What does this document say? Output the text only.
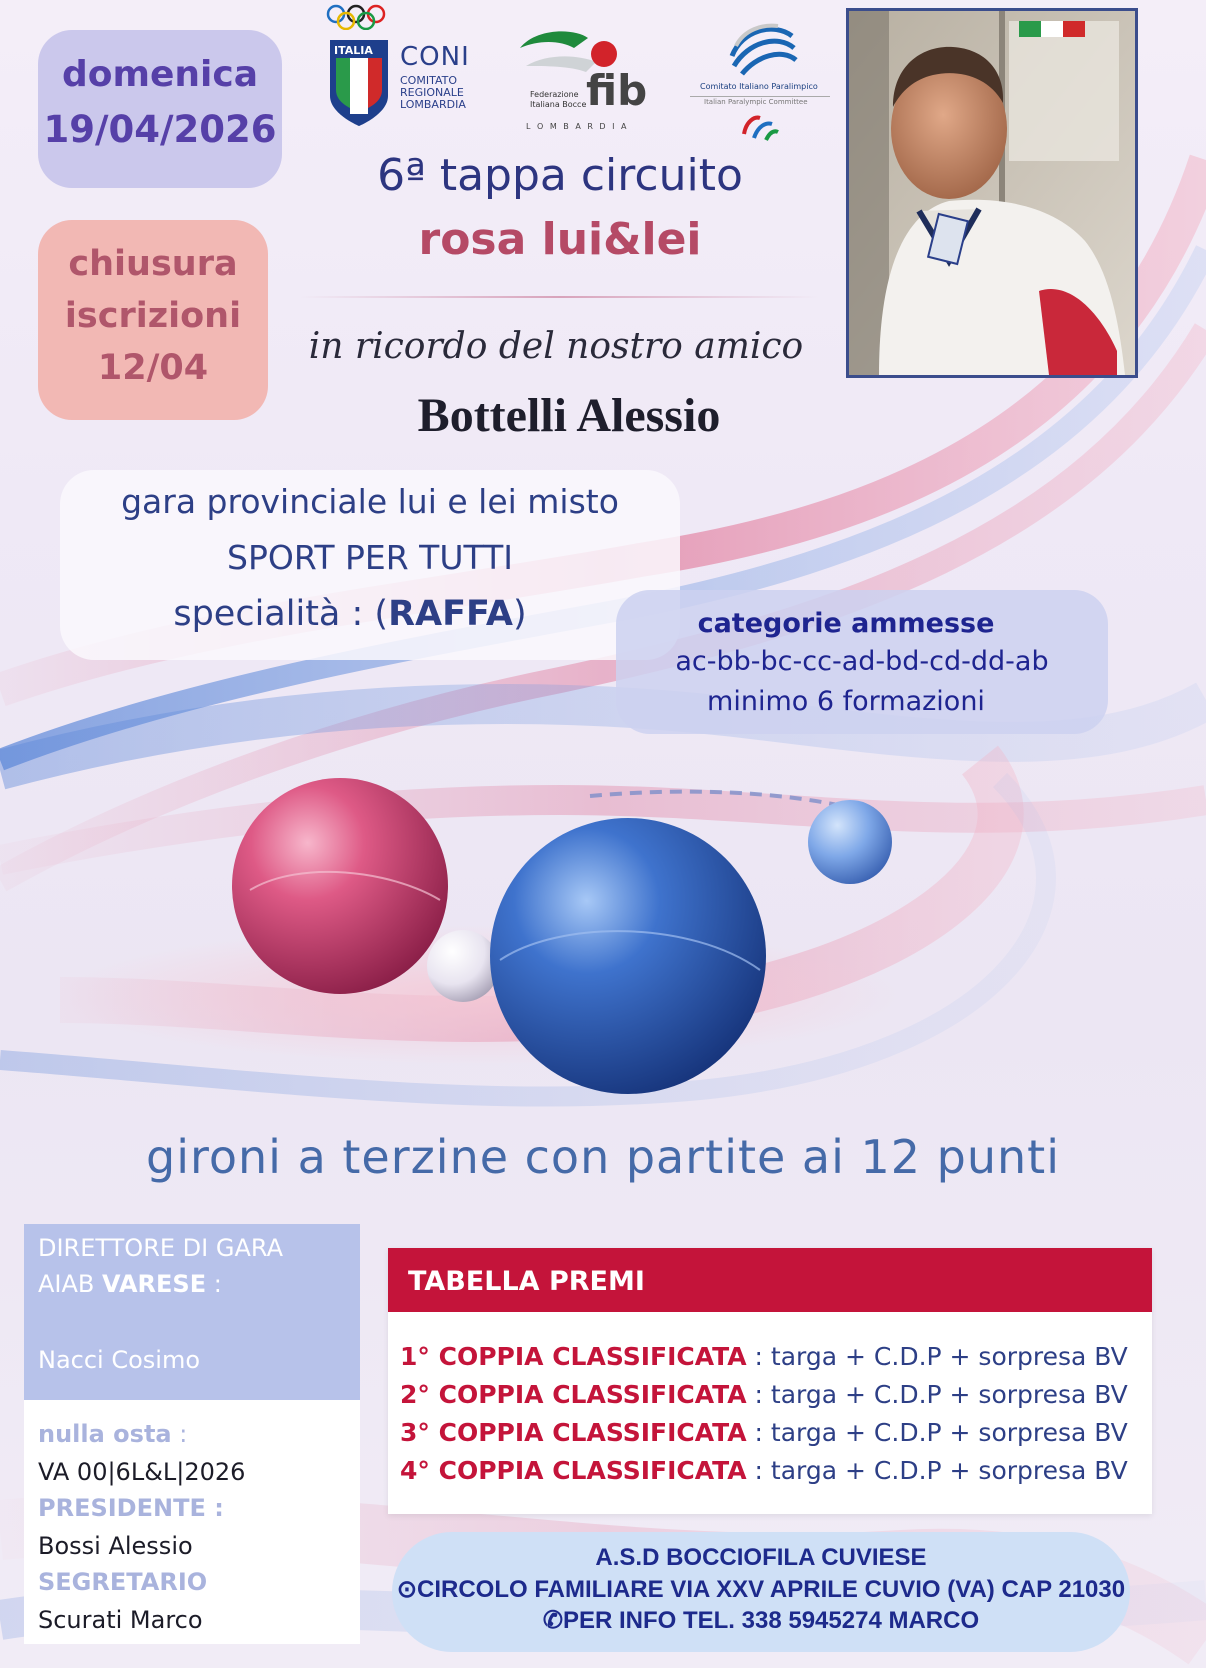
domenica
19/04/2026
chiusura
iscrizioni
12/04
ITALIA CONI
COMITATO
REGIONALE
LOMBARDIA
Federazione
Italiana Bocce fib
L O M B A R D I A
Comitato Italiano Paralimpico
Italian Paralympic Committee
6ª tappa circuito
rosa lui&lei
in ricordo del nostro amico
Bottelli Alessio
gara provinciale lui e lei misto
SPORT PER TUTTI
specialità : (RAFFA)	categorie ammesse
ac-bb-bc-cc-ad-bd-cd-dd-ab
minimo 6 formazioni
gironi a terzine con partite ai 12 punti
DIRETTORE DI GARA
AIAB VARESE :
Nacci Cosimo
nulla osta :
VA 00|6L&L|2026
PRESIDENTE :
Bossi Alessio
SEGRETARIO
Scurati Marco
TABELLA PREMI
1° COPPIA CLASSIFICATA : targa + C.D.P + sorpresa BV
2° COPPIA CLASSIFICATA : targa + C.D.P + sorpresa BV
3° COPPIA CLASSIFICATA : targa + C.D.P + sorpresa BV
4° COPPIA CLASSIFICATA : targa + C.D.P + sorpresa BV
A.S.D BOCCIOFILA CUVIESE
⊙CIRCOLO FAMILIARE VIA XXV APRILE CUVIO (VA) CAP 21030
✆PER INFO TEL. 338 5945274 MARCO
